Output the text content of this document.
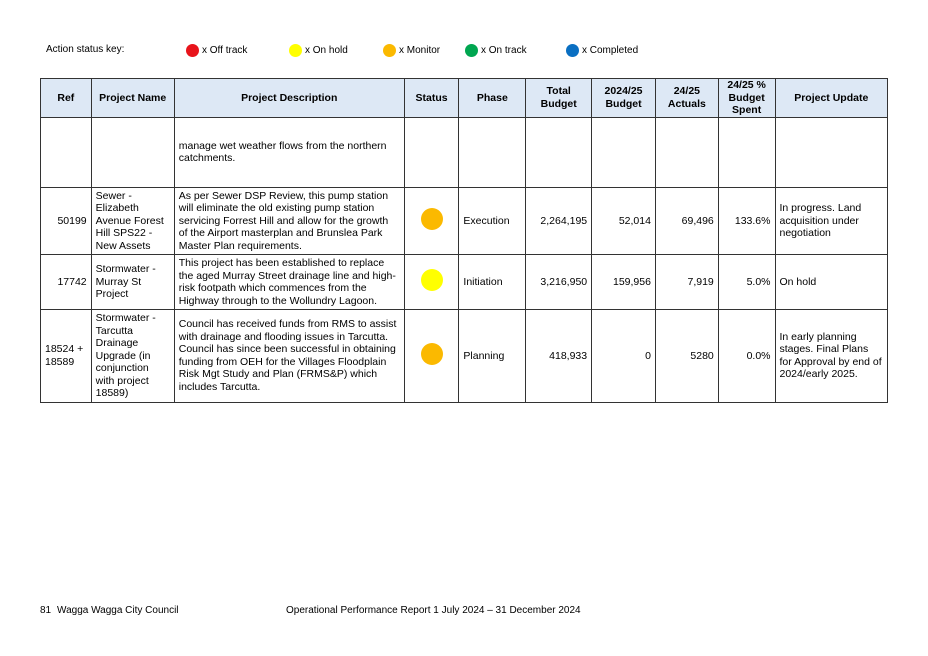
Action status key:	x Off track	x On hold	x Monitor	x On track	x Completed
Ref	Project Name	Project Description	Status	Phase	Total Budget	2024/25 Budget	24/25 Actuals	24/25 % Budget Spent	Project Update
		manage wet weather flows from the northern catchments.							
50199	Sewer - Elizabeth Avenue Forest Hill SPS22 - New Assets	As per Sewer DSP Review, this pump station will eliminate the old existing pump station servicing Forrest Hill and allow for the growth of the Airport masterplan and Brunslea Park Master Plan requirements.		Execution	2,264,195	52,014	69,496	133.6%	In progress. Land acquisition under negotiation
17742	Stormwater - Murray St Project	This project has been established to replace the aged Murray Street drainage line and high-risk footpath which commences from the Highway through to the Wollundry Lagoon.		Initiation	3,216,950	159,956	7,919	5.0%	On hold
18524 + 18589	Stormwater - Tarcutta Drainage Upgrade (in conjunction with project 18589)	Council has received funds from RMS to assist with drainage and flooding issues in Tarcutta. Council has since been successful in obtaining funding from OEH for the Villages Floodplain Risk Mgt Study and Plan (FRMS&P) which includes Tarcutta.		Planning	418,933	0	5280	0.0%	In early planning stages. Final Plans for Approval by end of 2024/early 2025.
81 Wagga Wagga City Council	Operational Performance Report 1 July 2024 – 31 December 2024
